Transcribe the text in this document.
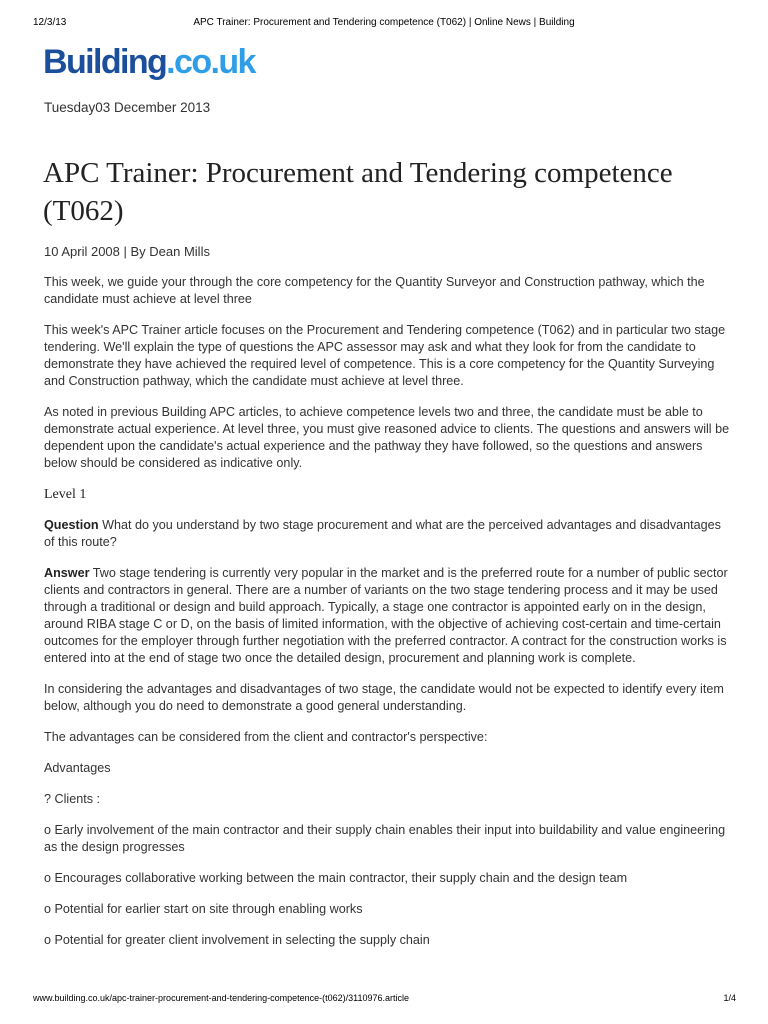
12/3/13	APC Trainer: Procurement and Tendering competence (T062) | Online News | Building
Building.co.uk
Tuesday03 December 2013
APC Trainer: Procurement and Tendering competence (T062)
10 April 2008 | By Dean Mills

This week, we guide your through the core competency for the Quantity Surveyor and Construction pathway, which the candidate must achieve at level three

This week's APC Trainer article focuses on the Procurement and Tendering competence (T062) and in particular two stage tendering. We'll explain the type of questions the APC assessor may ask and what they look for from the candidate to demonstrate they have achieved the required level of competence. This is a core competency for the Quantity Surveying and Construction pathway, which the candidate must achieve at level three.

As noted in previous Building APC articles, to achieve competence levels two and three, the candidate must be able to demonstrate actual experience. At level three, you must give reasoned advice to clients. The questions and answers will be dependent upon the candidate's actual experience and the pathway they have followed, so the questions and answers below should be considered as indicative only.

Level 1

Question What do you understand by two stage procurement and what are the perceived advantages and disadvantages of this route?

Answer Two stage tendering is currently very popular in the market and is the preferred route for a number of public sector clients and contractors in general. There are a number of variants on the two stage tendering process and it may be used through a traditional or design and build approach. Typically, a stage one contractor is appointed early on in the design, around RIBA stage C or D, on the basis of limited information, with the objective of achieving cost-certain and time-certain outcomes for the employer through further negotiation with the preferred contractor. A contract for the construction works is entered into at the end of stage two once the detailed design, procurement and planning work is complete.

In considering the advantages and disadvantages of two stage, the candidate would not be expected to identify every item below, although you do need to demonstrate a good general understanding.

The advantages can be considered from the client and contractor's perspective:

Advantages

? Clients :

o Early involvement of the main contractor and their supply chain enables their input into buildability and value engineering as the design progresses

o Encourages collaborative working between the main contractor, their supply chain and the design team

o Potential for earlier start on site through enabling works

o Potential for greater client involvement in selecting the supply chain

www.building.co.uk/apc-trainer-procurement-and-tendering-competence-(t062)/3110976.article	1/4
